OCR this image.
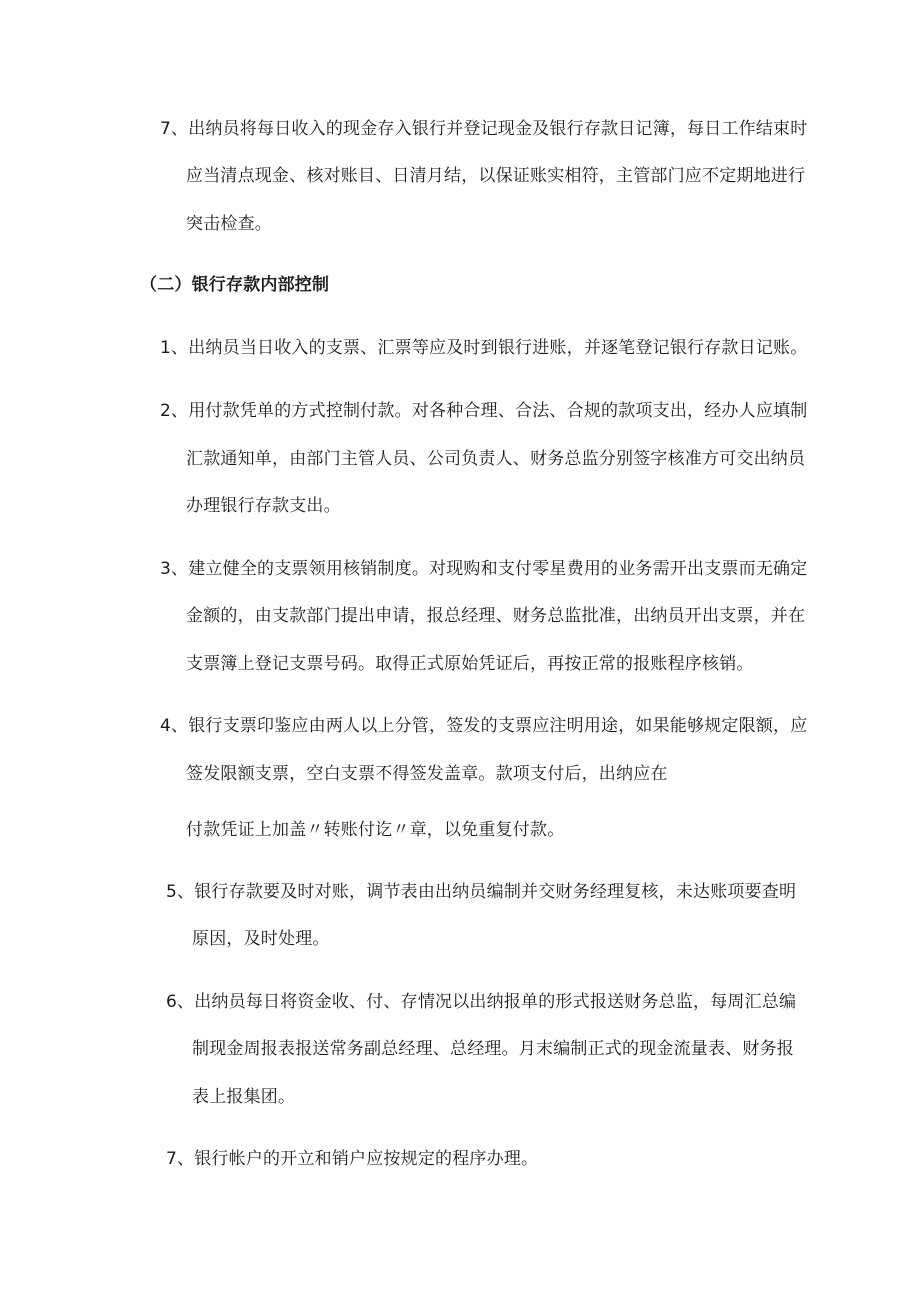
7、出纳员将每日收入的现金存入银行并登记现金及银行存款日记簿，每日工作结束时
应当清点现金、核对账目、日清月结，以保证账实相符，主管部门应不定期地进行
突击检查。
（二）银行存款内部控制
1、出纳员当日收入的支票、汇票等应及时到银行进账，并逐笔登记银行存款日记账。
2、用付款凭单的方式控制付款。对各种合理、合法、合规的款项支出，经办人应填制
汇款通知单，由部门主管人员、公司负责人、财务总监分别签字核准方可交出纳员
办理银行存款支出。
3、建立健全的支票领用核销制度。对现购和支付零星费用的业务需开出支票而无确定
金额的，由支款部门提出申请，报总经理、财务总监批准，出纳员开出支票，并在
支票簿上登记支票号码。取得正式原始凭证后，再按正常的报账程序核销。
4、银行支票印鉴应由两人以上分管，签发的支票应注明用途，如果能够规定限额，应
签发限额支票，空白支票不得签发盖章。款项支付后，出纳应在
付款凭证上加盖〃转账付讫〃章，以免重复付款。
5、银行存款要及时对账，调节表由出纳员编制并交财务经理复核，未达账项要查明
原因，及时处理。
6、出纳员每日将资金收、付、存情况以出纳报单的形式报送财务总监，每周汇总编
制现金周报表报送常务副总经理、总经理。月末编制正式的现金流量表、财务报
表上报集团。
7、银行帐户的开立和销户应按规定的程序办理。
